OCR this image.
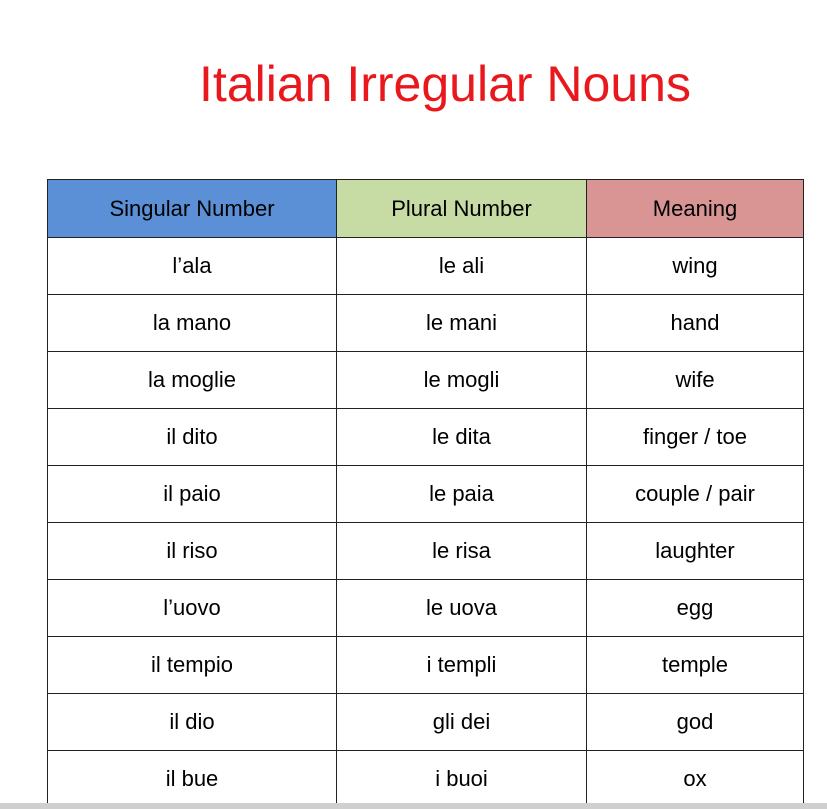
Italian Irregular Nouns
Singular Number	Plural Number	Meaning
l’ala	le ali	wing
la mano	le mani	hand
la moglie	le mogli	wife
il dito	le dita	finger / toe
il paio	le paia	couple / pair
il riso	le risa	laughter
l’uovo	le uova	egg
il tempio	i templi	temple
il dio	gli dei	god
il bue	i buoi	ox
